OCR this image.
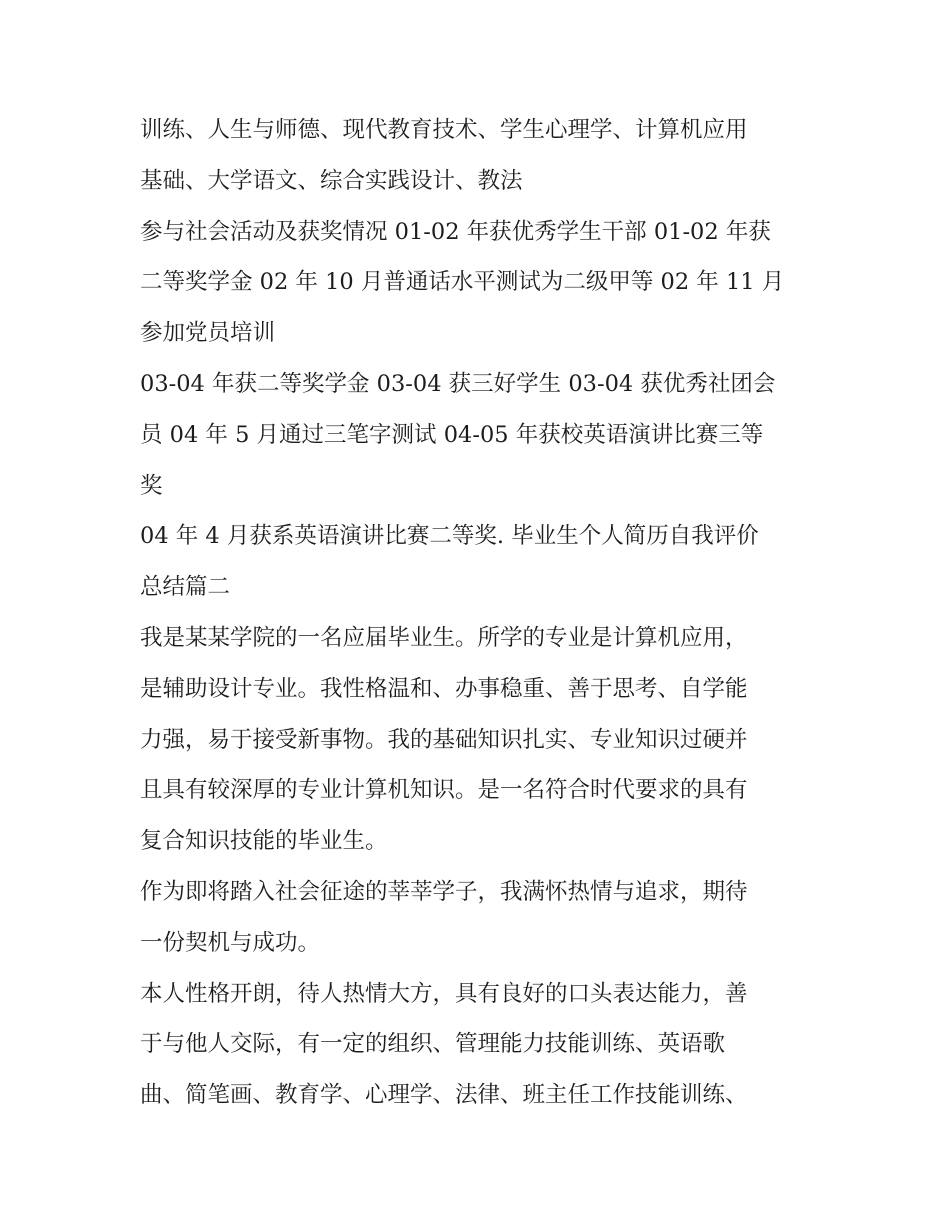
训练、人生与师德、现代教育技术、学生心理学、计算机应用
基础、大学语文、综合实践设计、教法
参与社会活动及获奖情况 01-02 年获优秀学生干部 01-02 年获
二等奖学金 02 年 10 月普通话水平测试为二级甲等 02 年 11 月
参加党员培训
03-04 年获二等奖学金 03-04 获三好学生 03-04 获优秀社团会
员 04 年 5 月通过三笔字测试 04-05 年获校英语演讲比赛三等
奖
04 年 4 月获系英语演讲比赛二等奖. 毕业生个人简历自我评价
总结篇二
我是某某学院的一名应届毕业生。所学的专业是计算机应用，
是辅助设计专业。我性格温和、办事稳重、善于思考、自学能
力强，易于接受新事物。我的基础知识扎实、专业知识过硬并
且具有较深厚的专业计算机知识。是一名符合时代要求的具有
复合知识技能的毕业生。
作为即将踏入社会征途的莘莘学子，我满怀热情与追求，期待
一份契机与成功。
本人性格开朗，待人热情大方，具有良好的口头表达能力，善
于与他人交际，有一定的组织、管理能力技能训练、英语歌
曲、简笔画、教育学、心理学、法律、班主任工作技能训练、
